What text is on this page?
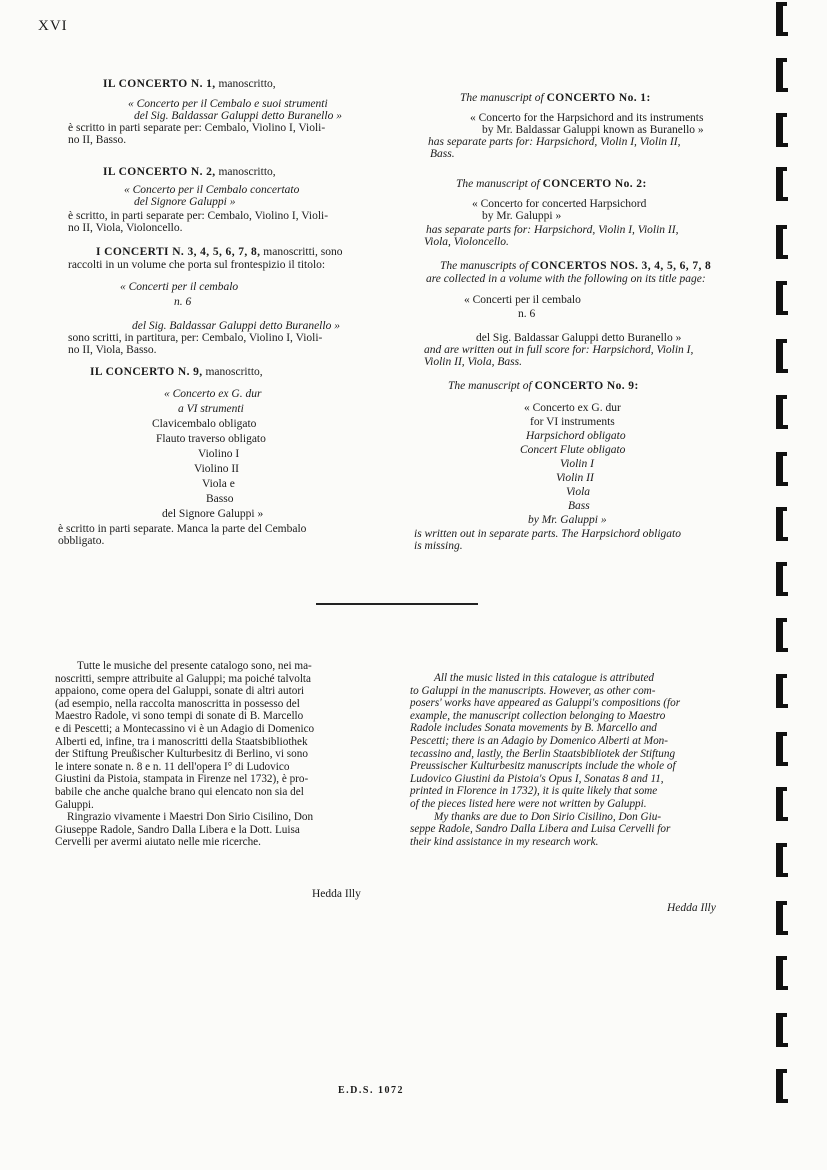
XVI
IL CONCERTO N. 1, manoscritto,
« Concerto per il Cembalo e suoi strumenti
del Sig. Baldassar Galuppi detto Buranello »
è scritto in parti separate per: Cembalo, Violino I, Violi-
no II, Basso.
IL CONCERTO N. 2, manoscritto,
« Concerto per il Cembalo concertato
del Signore Galuppi »
è scritto, in parti separate per: Cembalo, Violino I, Violi-
no II, Viola, Violoncello.
I CONCERTI N. 3, 4, 5, 6, 7, 8, manoscritti, sono
raccolti in un volume che porta sul frontespizio il titolo:
« Concerti per il cembalo
n. 6
del Sig. Baldassar Galuppi detto Buranello »
sono scritti, in partitura, per: Cembalo, Violino I, Violi-
no II, Viola, Basso.
IL CONCERTO N. 9, manoscritto,
« Concerto ex G. dur
a VI strumenti
Clavicembalo obligato
Flauto traverso obligato
Violino I
Violino II
Viola e
Basso
del Signore Galuppi »
è scritto in parti separate. Manca la parte del Cembalo
obbligato.
The manuscript of CONCERTO No. 1:
« Concerto for the Harpsichord and its instruments
by Mr. Baldassar Galuppi known as Buranello »
has separate parts for: Harpsichord, Violin I, Violin II,
Bass.
The manuscript of CONCERTO No. 2:
« Concerto for concerted Harpsichord
by Mr. Galuppi »
has separate parts for: Harpsichord, Violin I, Violin II,
Viola, Violoncello.
The manuscripts of CONCERTOS NOS. 3, 4, 5, 6, 7, 8
are collected in a volume with the following on its title page:
« Concerti per il cembalo
n. 6
del Sig. Baldassar Galuppi detto Buranello »
and are written out in full score for: Harpsichord, Violin I,
Violin II, Viola, Bass.
The manuscript of CONCERTO No. 9:
« Concerto ex G. dur
for VI instruments
Harpsichord obligato
Concert Flute obligato
Violin I
Violin II
Viola
Bass
by Mr. Galuppi »
is written out in separate parts. The Harpsichord obligato
is missing.
Tutte le musiche del presente catalogo sono, nei ma-
noscritti, sempre attribuite al Galuppi; ma poiché talvolta
appaiono, come opera del Galuppi, sonate di altri autori
(ad esempio, nella raccolta manoscritta in possesso del
Maestro Radole, vi sono tempi di sonate di B. Marcello
e di Pescetti; a Montecassino vi è un Adagio di Domenico
Alberti ed, infine, tra i manoscritti della Staatsbibliothek
der Stiftung Preußischer Kulturbesitz di Berlino, vi sono
le intere sonate n. 8 e n. 11 dell'opera I° di Ludovico
Giustini da Pistoia, stampata in Firenze nel 1732), è pro-
babile che anche qualche brano qui elencato non sia del
Galuppi.
Ringrazio vivamente i Maestri Don Sirio Cisilino, Don
Giuseppe Radole, Sandro Dalla Libera e la Dott. Luisa
Cervelli per avermi aiutato nelle mie ricerche.
Hedda Illy
All the music listed in this catalogue is attributed
to Galuppi in the manuscripts. However, as other com-
posers' works have appeared as Galuppi's compositions (for
example, the manuscript collection belonging to Maestro
Radole includes Sonata movements by B. Marcello and
Pescetti; there is an Adagio by Domenico Alberti at Mon-
tecassino and, lastly, the Berlin Staatsbibliotek der Stiftung
Preussischer Kulturbesitz manuscripts include the whole of
Ludovico Giustini da Pistoia's Opus I, Sonatas 8 and 11,
printed in Florence in 1732), it is quite likely that some
of the pieces listed here were not written by Galuppi.
My thanks are due to Don Sirio Cisilino, Don Giu-
seppe Radole, Sandro Dalla Libera and Luisa Cervelli for
their kind assistance in my research work.
Hedda Illy
E.D.S. 1072
